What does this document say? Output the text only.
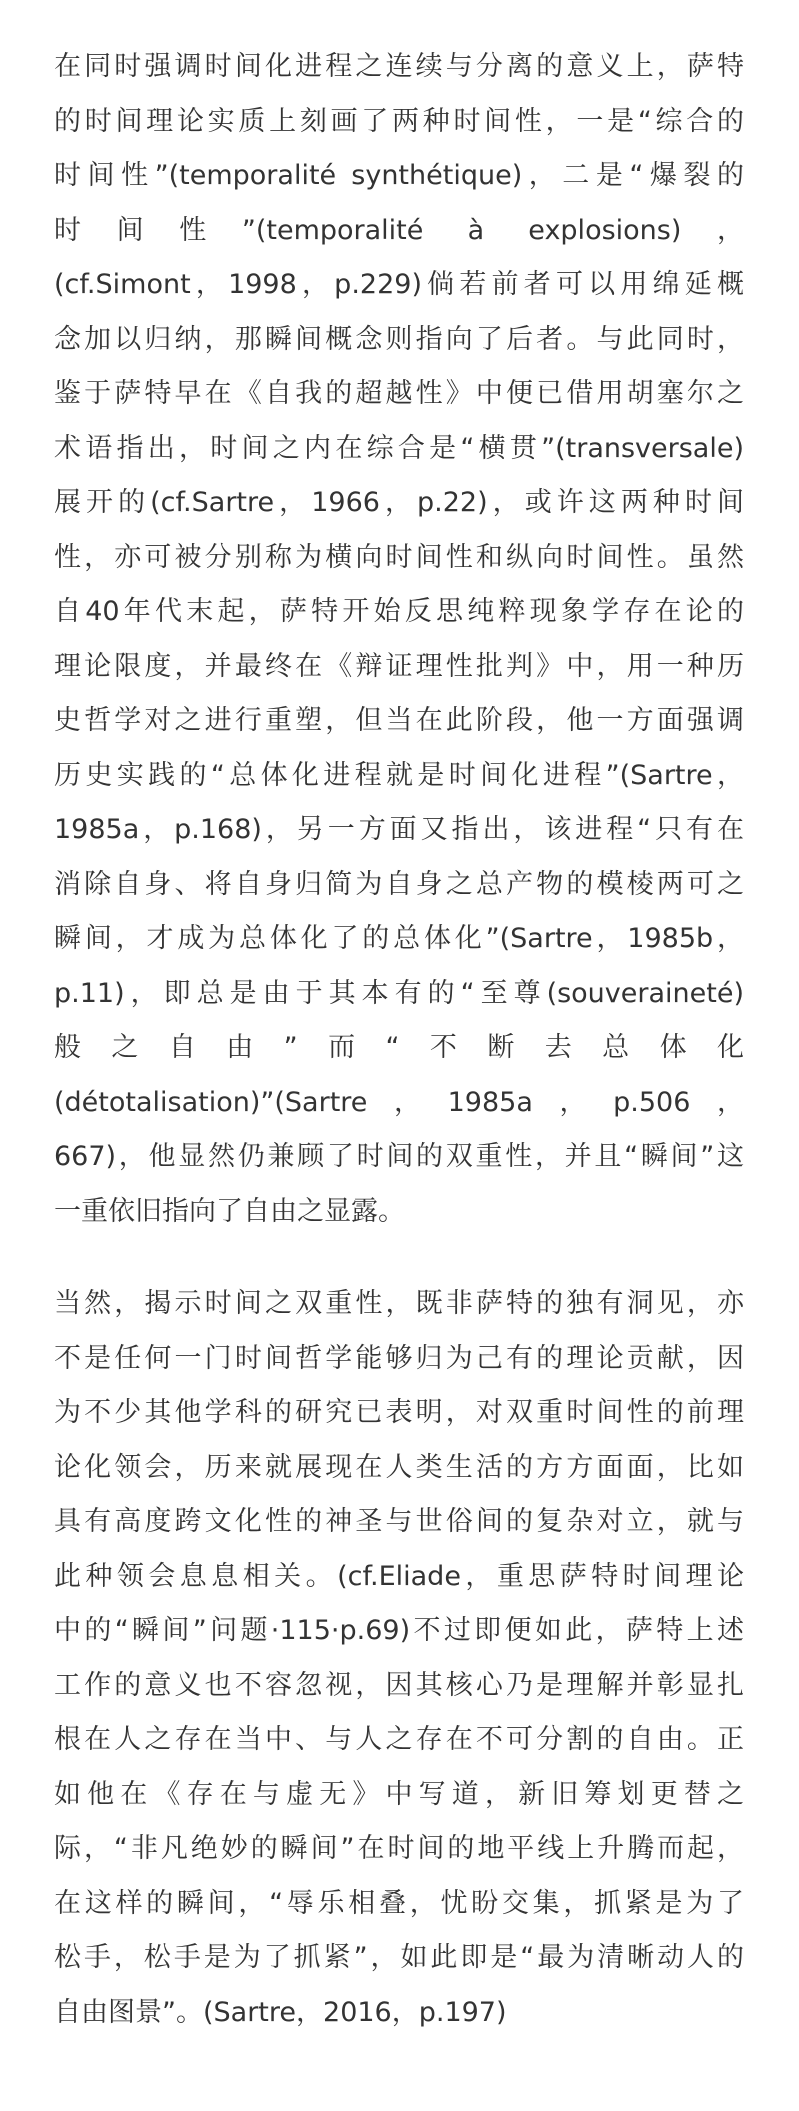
在同时强调时间化进程之连续与分离的意义上，萨特

的时间理论实质上刻画了两种时间性，一是“综合的

时间性”(temporalité synthétique)，二是“爆裂的

时间性”(temporalité à explosions)，

(cf.Simont，1998，p.229)倘若前者可以用绵延概

念加以归纳，那瞬间概念则指向了后者。与此同时，

鉴于萨特早在《自我的超越性》中便已借用胡塞尔之

术语指出，时间之内在综合是“横贯”(transversale)

展开的(cf.Sartre，1966，p.22)，或许这两种时间

性，亦可被分别称为横向时间性和纵向时间性。虽然

自40年代末起，萨特开始反思纯粹现象学存在论的

理论限度，并最终在《辩证理性批判》中，用一种历

史哲学对之进行重塑，但当在此阶段，他一方面强调

历史实践的“总体化进程就是时间化进程”(Sartre，

1985a，p.168)，另一方面又指出，该进程“只有在

消除自身、将自身归简为自身之总产物的模棱两可之

瞬间，才成为总体化了的总体化”(Sartre，1985b，

p.11)，即总是由于其本有的“至尊(souveraineté)

般之自由”而“不断去总体化

(détotalisation)”(Sartre，1985a，p.506，

667)，他显然仍兼顾了时间的双重性，并且“瞬间”这

一重依旧指向了自由之显露。

当然，揭示时间之双重性，既非萨特的独有洞见，亦

不是任何一门时间哲学能够归为己有的理论贡献，因

为不少其他学科的研究已表明，对双重时间性的前理

论化领会，历来就展现在人类生活的方方面面，比如

具有高度跨文化性的神圣与世俗间的复杂对立，就与

此种领会息息相关。(cf.Eliade，重思萨特时间理论

中的“瞬间”问题·115·p.69)不过即便如此，萨特上述

工作的意义也不容忽视，因其核心乃是理解并彰显扎

根在人之存在当中、与人之存在不可分割的自由。正

如他在《存在与虚无》中写道，新旧筹划更替之

际，“非凡绝妙的瞬间”在时间的地平线上升腾而起，

在这样的瞬间，“辱乐相叠，忧盼交集，抓紧是为了

松手，松手是为了抓紧”，如此即是“最为清晰动人的

自由图景”。(Sartre，2016，p.197)
